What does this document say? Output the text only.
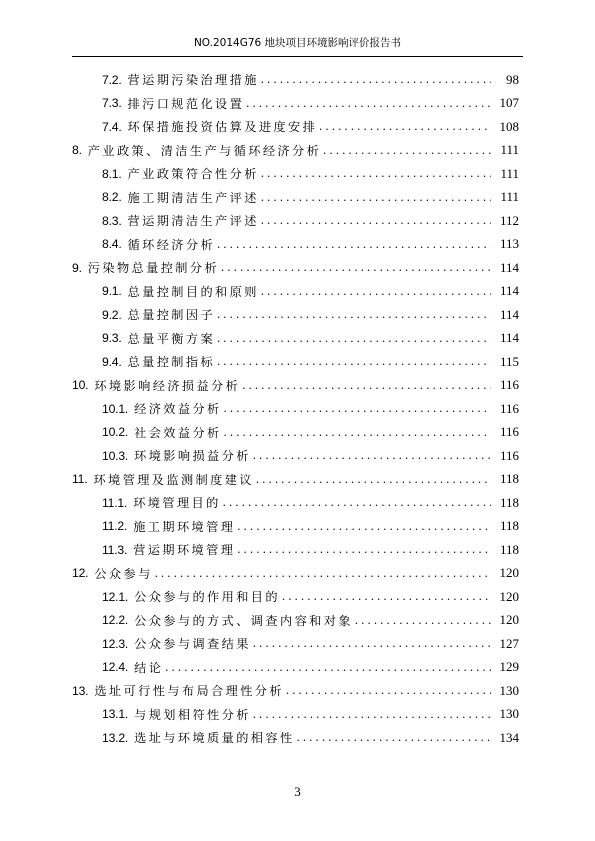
NO.2014G76 地块项目环境影响评价报告书
7.2. 营运期污染治理措施 .....	98
7.3. 排污口规范化设置 .....	107
7.4. 环保措施投资估算及进度安排 .....	108
8. 产业政策、清洁生产与循环经济分析 .....	111
8.1. 产业政策符合性分析 .....	111
8.2. 施工期清洁生产评述 .....	111
8.3. 营运期清洁生产评述 .....	112
8.4. 循环经济分析 .....	113
9. 污染物总量控制分析 .....	114
9.1. 总量控制目的和原则 .....	114
9.2. 总量控制因子 .....	114
9.3. 总量平衡方案 .....	114
9.4. 总量控制指标 .....	115
10. 环境影响经济损益分析 .....	116
10.1. 经济效益分析 .....	116
10.2. 社会效益分析 .....	116
10.3. 环境影响损益分析 .....	116
11. 环境管理及监测制度建议 .....	118
11.1. 环境管理目的 .....	118
11.2. 施工期环境管理 .....	118
11.3. 营运期环境管理 .....	118
12. 公众参与 .....	120
12.1. 公众参与的作用和目的 .....	120
12.2. 公众参与的方式、调查内容和对象 .....	120
12.3. 公众参与调查结果 .....	127
12.4. 结论 .....	129
13. 选址可行性与布局合理性分析 .....	130
13.1. 与规划相符性分析 .....	130
13.2. 选址与环境质量的相容性 .....	134
3
